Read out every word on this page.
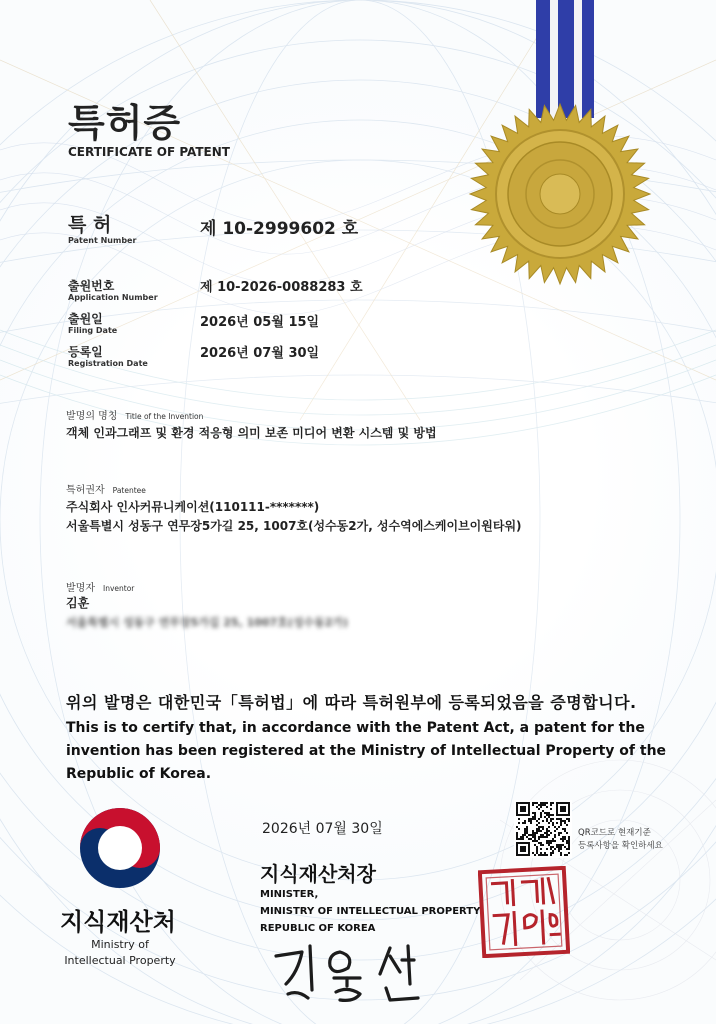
특허증
CERTIFICATE OF PATENT
특 허
Patent Number
제 10-2999602 호
출원번호
Application Number
제 10-2026-0088283 호
출원일
Filing Date
2026년 05월 15일
등록일
Registration Date
2026년 07월 30일
발명의 명칭 Title of the Invention
객체 인과그래프 및 환경 적응형 의미 보존 미디어 변환 시스템 및 방법
특허권자 Patentee
주식회사 인사커뮤니케이션(110111-*******)
서울특별시 성동구 연무장5가길 25, 1007호(성수동2가, 성수역에스케이브이원타워)
발명자 Inventor
김훈
서울특별시 성동구 연무장5가길 25, 1007호(성수동2가)
위의 발명은 대한민국「특허법」에 따라 특허원부에 등록되었음을 증명합니다.
This is to certify that, in accordance with the Patent Act, a patent for the
invention has been registered at the Ministry of Intellectual Property of the
Republic of Korea.
지식재산처
Ministry of
Intellectual Property
2026년 07월 30일
지식재산처장
MINISTER,
MINISTRY OF INTELLECTUAL PROPERTY
REPUBLIC OF KOREA
QR코드로 현재기준
등록사항을 확인하세요
